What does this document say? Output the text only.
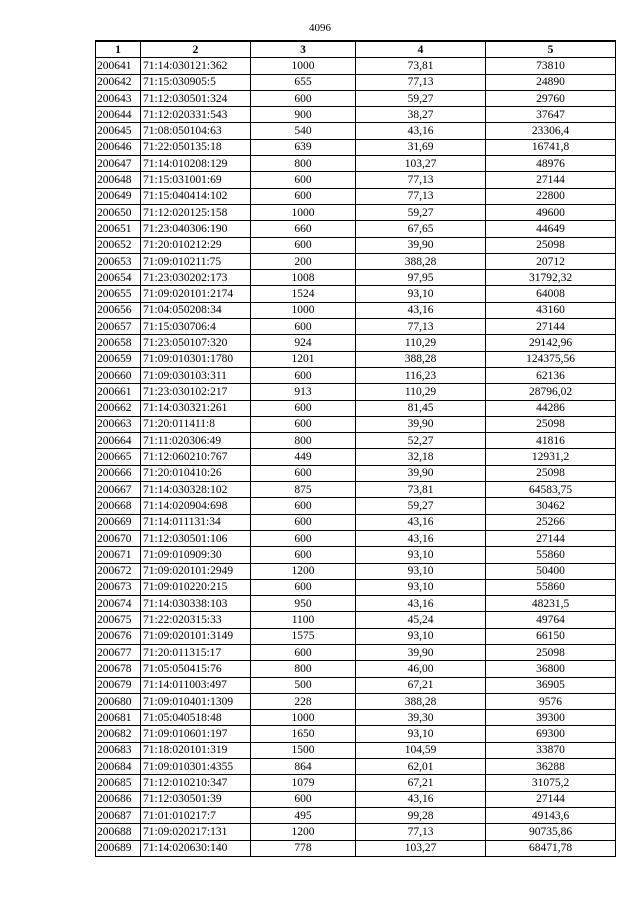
4096
1	2	3	4	5
200641	71:14:030121:362	1000	73,81	73810
200642	71:15:030905:5	655	77,13	24890
200643	71:12:030501:324	600	59,27	29760
200644	71:12:020331:543	900	38,27	37647
200645	71:08:050104:63	540	43,16	23306,4
200646	71:22:050135:18	639	31,69	16741,8
200647	71:14:010208:129	800	103,27	48976
200648	71:15:031001:69	600	77,13	27144
200649	71:15:040414:102	600	77,13	22800
200650	71:12:020125:158	1000	59,27	49600
200651	71:23:040306:190	660	67,65	44649
200652	71:20:010212:29	600	39,90	25098
200653	71:09:010211:75	200	388,28	20712
200654	71:23:030202:173	1008	97,95	31792,32
200655	71:09:020101:2174	1524	93,10	64008
200656	71:04:050208:34	1000	43,16	43160
200657	71:15:030706:4	600	77,13	27144
200658	71:23:050107:320	924	110,29	29142,96
200659	71:09:010301:1780	1201	388,28	124375,56
200660	71:09:030103:311	600	116,23	62136
200661	71:23:030102:217	913	110,29	28796,02
200662	71:14:030321:261	600	81,45	44286
200663	71:20:011411:8	600	39,90	25098
200664	71:11:020306:49	800	52,27	41816
200665	71:12:060210:767	449	32,18	12931,2
200666	71:20:010410:26	600	39,90	25098
200667	71:14:030328:102	875	73,81	64583,75
200668	71:14:020904:698	600	59,27	30462
200669	71:14:011131:34	600	43,16	25266
200670	71:12:030501:106	600	43,16	27144
200671	71:09:010909:30	600	93,10	55860
200672	71:09:020101:2949	1200	93,10	50400
200673	71:09:010220:215	600	93,10	55860
200674	71:14:030338:103	950	43,16	48231,5
200675	71:22:020315:33	1100	45,24	49764
200676	71:09:020101:3149	1575	93,10	66150
200677	71:20:011315:17	600	39,90	25098
200678	71:05:050415:76	800	46,00	36800
200679	71:14:011003:497	500	67,21	36905
200680	71:09:010401:1309	228	388,28	9576
200681	71:05:040518:48	1000	39,30	39300
200682	71:09:010601:197	1650	93,10	69300
200683	71:18:020101:319	1500	104,59	33870
200684	71:09:010301:4355	864	62,01	36288
200685	71:12:010210:347	1079	67,21	31075,2
200686	71:12:030501:39	600	43,16	27144
200687	71:01:010217:7	495	99,28	49143,6
200688	71:09:020217:131	1200	77,13	90735,86
200689	71:14:020630:140	778	103,27	68471,78
